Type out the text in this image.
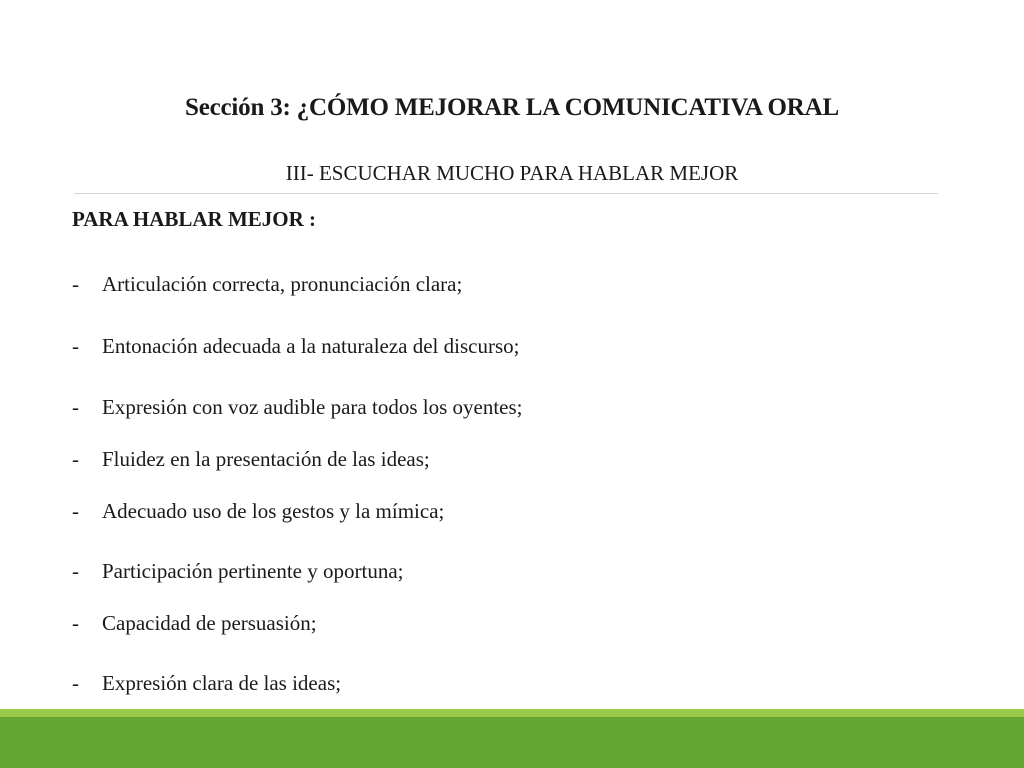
Sección 3: ¿CÓMO MEJORAR LA COMUNICATIVA ORAL
III- ESCUCHAR MUCHO PARA HABLAR MEJOR
PARA HABLAR MEJOR :
-	Articulación correcta, pronunciación clara;
-	Entonación adecuada a la naturaleza del discurso;
-	Expresión con voz audible para todos los oyentes;
-	Fluidez en la presentación de las ideas;
-	Adecuado uso de los gestos y la mímica;
-	Participación pertinente y oportuna;
-	Capacidad de persuasión;
-	Expresión clara de las ideas;
